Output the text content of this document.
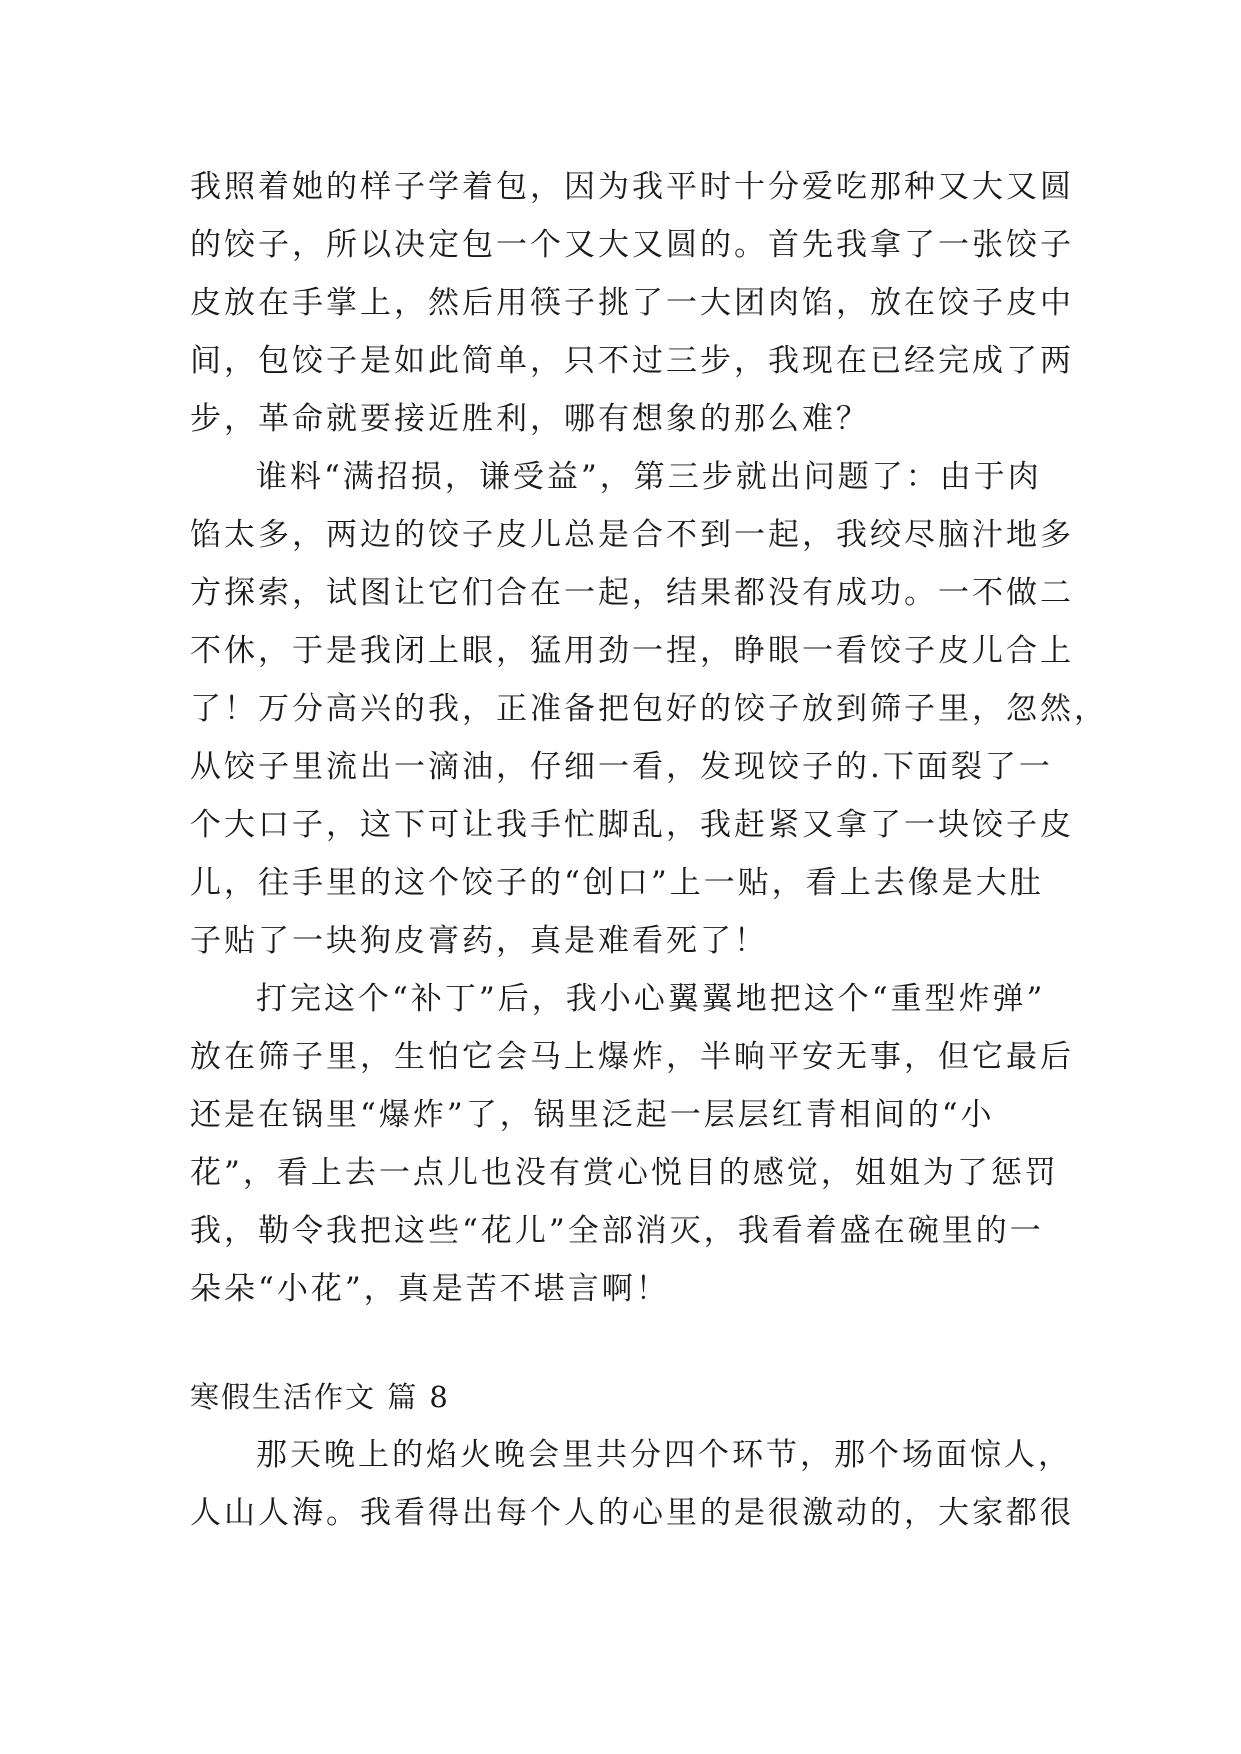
我照着她的样子学着包，因为我平时十分爱吃那种又大又圆
的饺子，所以决定包一个又大又圆的。首先我拿了一张饺子
皮放在手掌上，然后用筷子挑了一大团肉馅，放在饺子皮中
间，包饺子是如此简单，只不过三步，我现在已经完成了两
步，革命就要接近胜利，哪有想象的那么难？
谁料“满招损，谦受益”，第三步就出问题了：由于肉
馅太多，两边的饺子皮儿总是合不到一起，我绞尽脑汁地多
方探索，试图让它们合在一起，结果都没有成功。一不做二
不休，于是我闭上眼，猛用劲一捏，睁眼一看饺子皮儿合上
了！万分高兴的我，正准备把包好的饺子放到筛子里，忽然，
从饺子里流出一滴油，仔细一看，发现饺子的.下面裂了一
个大口子，这下可让我手忙脚乱，我赶紧又拿了一块饺子皮
儿，往手里的这个饺子的“创口”上一贴，看上去像是大肚
子贴了一块狗皮膏药，真是难看死了！
打完这个“补丁”后，我小心翼翼地把这个“重型炸弹”
放在筛子里，生怕它会马上爆炸，半晌平安无事，但它最后
还是在锅里“爆炸”了，锅里泛起一层层红青相间的“小
花”，看上去一点儿也没有赏心悦目的感觉，姐姐为了惩罚
我，勒令我把这些“花儿”全部消灭，我看着盛在碗里的一
朵朵“小花”，真是苦不堪言啊！
寒假生活作文 篇 8
那天晚上的焰火晚会里共分四个环节，那个场面惊人，
人山人海。我看得出每个人的心里的是很激动的，大家都很
